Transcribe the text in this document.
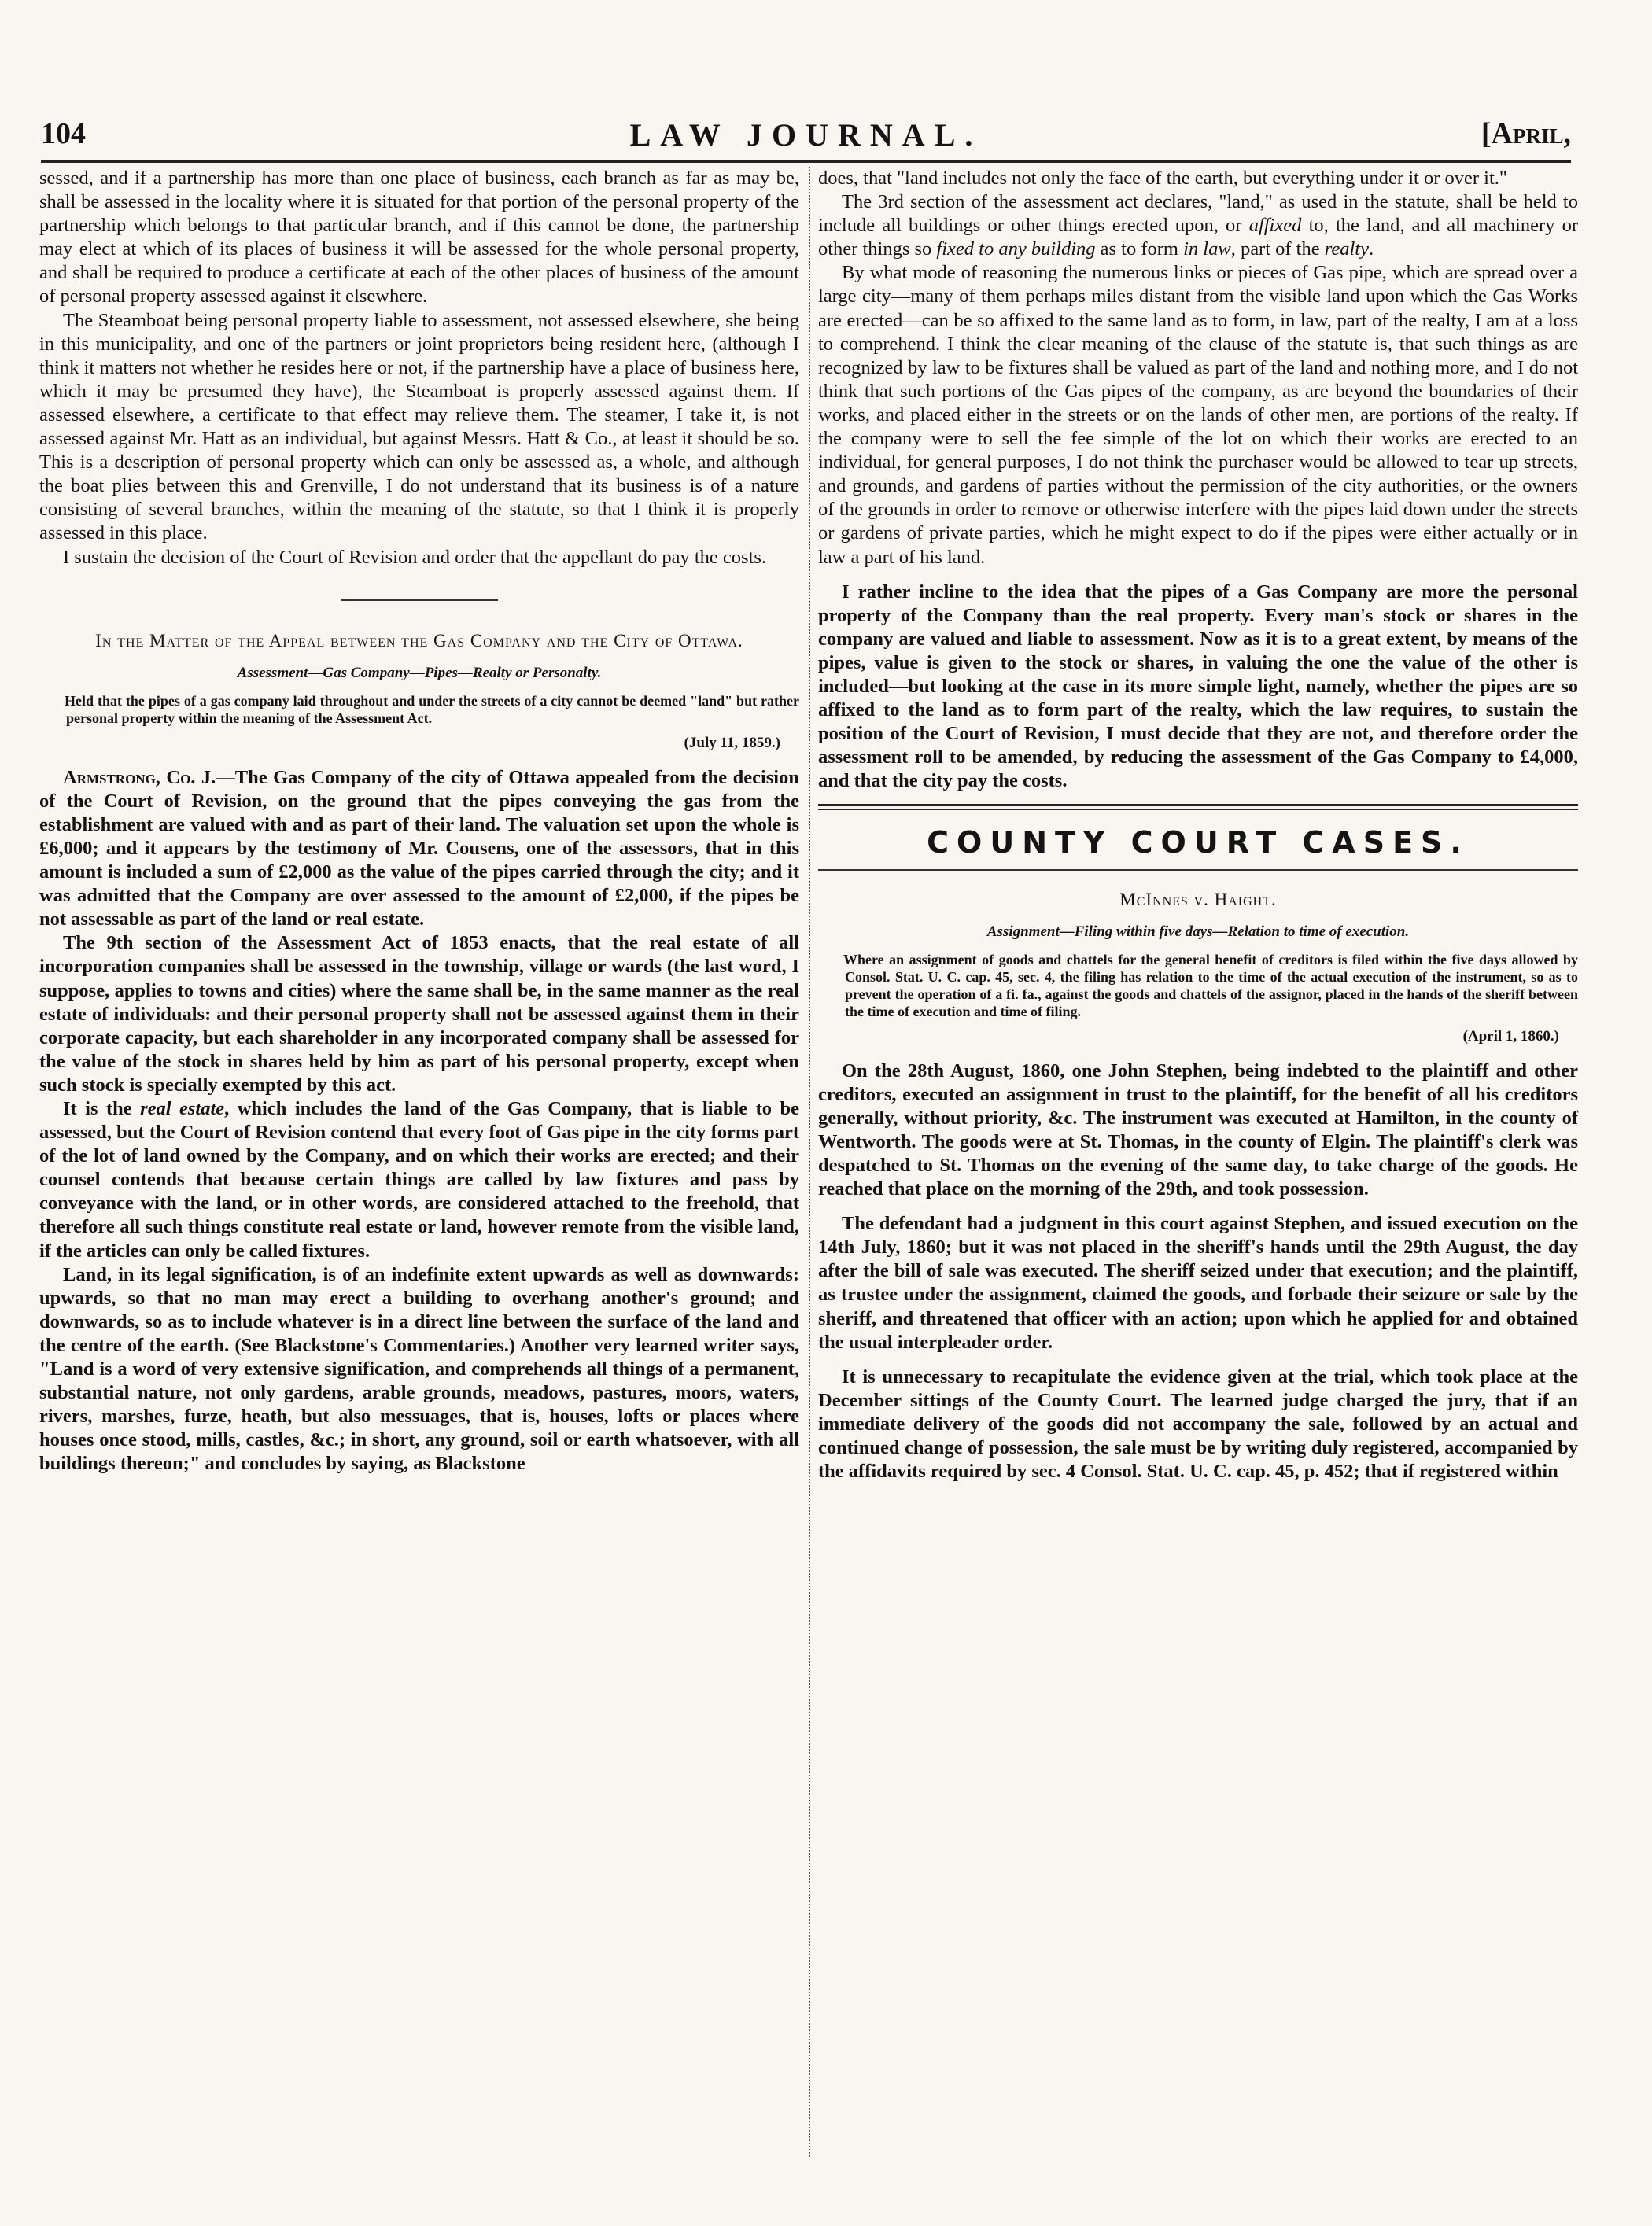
104	LAW JOURNAL.	[April,

sessed, and if a partnership has more than one place of business, each branch as far as may be, shall be assessed in the locality where it is situated for that portion of the personal property of the partnership which belongs to that particular branch, and if this cannot be done, the partnership may elect at which of its places of business it will be assessed for the whole personal property, and shall be required to produce a certificate at each of the other places of business of the amount of personal property assessed against it elsewhere.

The Steamboat being personal property liable to assessment, not assessed elsewhere, she being in this municipality, and one of the partners or joint proprietors being resident here, (although I think it matters not whether he resides here or not, if the partnership have a place of business here, which it may be presumed they have), the Steamboat is properly assessed against them. If assessed elsewhere, a certificate to that effect may relieve them. The steamer, I take it, is not assessed against Mr. Hatt as an individual, but against Messrs. Hatt & Co., at least it should be so. This is a description of personal property which can only be assessed as, a whole, and although the boat plies between this and Grenville, I do not understand that its business is of a nature consisting of several branches, within the meaning of the statute, so that I think it is properly assessed in this place.

I sustain the decision of the Court of Revision and order that the appellant do pay the costs.

In the Matter of the Appeal between the Gas Company and the City of Ottawa.
Assessment—Gas Company—Pipes—Realty or Personalty.
Held that the pipes of a gas company laid throughout and under the streets of a city cannot be deemed "land" but rather personal property within the meaning of the Assessment Act.
(July 11, 1859.)

Armstrong, Co. J.—The Gas Company of the city of Ottawa appealed from the decision of the Court of Revision, on the ground that the pipes conveying the gas from the establishment are valued with and as part of their land. The valuation set upon the whole is £6,000; and it appears by the testimony of Mr. Cousens, one of the assessors, that in this amount is included a sum of £2,000 as the value of the pipes carried through the city; and it was admitted that the Company are over assessed to the amount of £2,000, if the pipes be not assessable as part of the land or real estate.

The 9th section of the Assessment Act of 1853 enacts, that the real estate of all incorporation companies shall be assessed in the township, village or wards (the last word, I suppose, applies to towns and cities) where the same shall be, in the same manner as the real estate of individuals: and their personal property shall not be assessed against them in their corporate capacity, but each shareholder in any incorporated company shall be assessed for the value of the stock in shares held by him as part of his personal property, except when such stock is specially exempted by this act.

It is the real estate, which includes the land of the Gas Company, that is liable to be assessed, but the Court of Revision contend that every foot of Gas pipe in the city forms part of the lot of land owned by the Company, and on which their works are erected; and their counsel contends that because certain things are called by law fixtures and pass by conveyance with the land, or in other words, are considered attached to the freehold, that therefore all such things constitute real estate or land, however remote from the visible land, if the articles can only be called fixtures.

Land, in its legal signification, is of an indefinite extent upwards as well as downwards: upwards, so that no man may erect a building to overhang another's ground; and downwards, so as to include whatever is in a direct line between the surface of the land and the centre of the earth. (See Blackstone's Commentaries.) Another very learned writer says, "Land is a word of very extensive signification, and comprehends all things of a permanent, substantial nature, not only gardens, arable grounds, meadows, pastures, moors, waters, rivers, marshes, furze, heath, but also messuages, that is, houses, lofts or places where houses once stood, mills, castles, &c.; in short, any ground, soil or earth whatsoever, with all buildings thereon;" and concludes by saying, as Blackstone

does, that "land includes not only the face of the earth, but everything under it or over it."

The 3rd section of the assessment act declares, "land," as used in the statute, shall be held to include all buildings or other things erected upon, or affixed to, the land, and all machinery or other things so fixed to any building as to form in law, part of the realty.

By what mode of reasoning the numerous links or pieces of Gas pipe, which are spread over a large city—many of them perhaps miles distant from the visible land upon which the Gas Works are erected—can be so affixed to the same land as to form, in law, part of the realty, I am at a loss to comprehend. I think the clear meaning of the clause of the statute is, that such things as are recognized by law to be fixtures shall be valued as part of the land and nothing more, and I do not think that such portions of the Gas pipes of the company, as are beyond the boundaries of their works, and placed either in the streets or on the lands of other men, are portions of the realty. If the company were to sell the fee simple of the lot on which their works are erected to an individual, for general purposes, I do not think the purchaser would be allowed to tear up streets, and grounds, and gardens of parties without the permission of the city authorities, or the owners of the grounds in order to remove or otherwise interfere with the pipes laid down under the streets or gardens of private parties, which he might expect to do if the pipes were either actually or in law a part of his land.

I rather incline to the idea that the pipes of a Gas Company are more the personal property of the Company than the real property. Every man's stock or shares in the company are valued and liable to assessment. Now as it is to a great extent, by means of the pipes, value is given to the stock or shares, in valuing the one the value of the other is included—but looking at the case in its more simple light, namely, whether the pipes are so affixed to the land as to form part of the realty, which the law requires, to sustain the position of the Court of Revision, I must decide that they are not, and therefore order the assessment roll to be amended, by reducing the assessment of the Gas Company to £4,000, and that the city pay the costs.

COUNTY COURT CASES.
McInnes v. Haight.
Assignment—Filing within five days—Relation to time of execution.
Where an assignment of goods and chattels for the general benefit of creditors is filed within the five days allowed by Consol. Stat. U. C. cap. 45, sec. 4, the filing has relation to the time of the actual execution of the instrument, so as to prevent the operation of a fi. fa., against the goods and chattels of the assignor, placed in the hands of the sheriff between the time of execution and time of filing.
(April 1, 1860.)

On the 28th August, 1860, one John Stephen, being indebted to the plaintiff and other creditors, executed an assignment in trust to the plaintiff, for the benefit of all his creditors generally, without priority, &c. The instrument was executed at Hamilton, in the county of Wentworth. The goods were at St. Thomas, in the county of Elgin. The plaintiff's clerk was despatched to St. Thomas on the evening of the same day, to take charge of the goods. He reached that place on the morning of the 29th, and took possession.

The defendant had a judgment in this court against Stephen, and issued execution on the 14th July, 1860; but it was not placed in the sheriff's hands until the 29th August, the day after the bill of sale was executed. The sheriff seized under that execution; and the plaintiff, as trustee under the assignment, claimed the goods, and forbade their seizure or sale by the sheriff, and threatened that officer with an action; upon which he applied for and obtained the usual interpleader order.

It is unnecessary to recapitulate the evidence given at the trial, which took place at the December sittings of the County Court. The learned judge charged the jury, that if an immediate delivery of the goods did not accompany the sale, followed by an actual and continued change of possession, the sale must be by writing duly registered, accompanied by the affidavits required by sec. 4 Consol. Stat. U. C. cap. 45, p. 452; that if registered within
